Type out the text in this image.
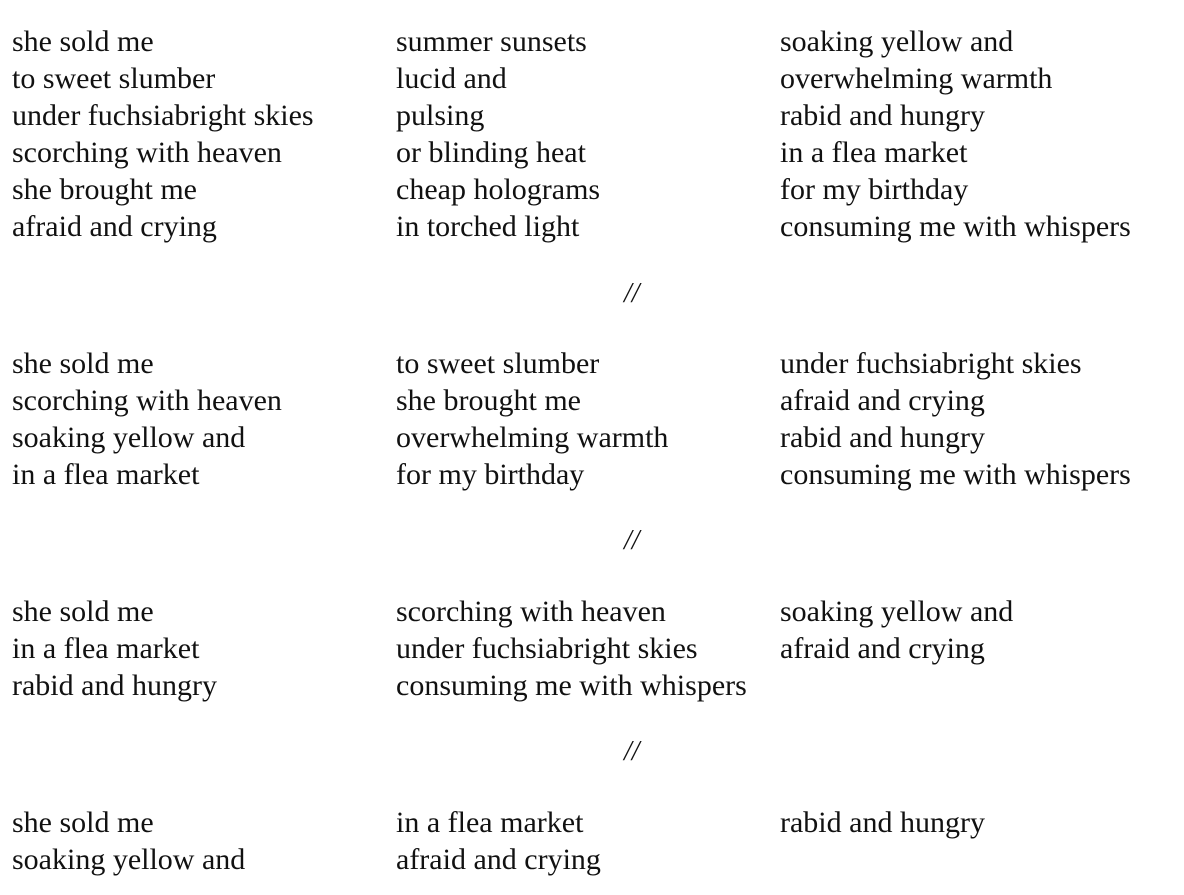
she sold me
to sweet slumber
under fuchsiabright skies
scorching with heaven
she brought me
afraid and crying
summer sunsets
lucid and
pulsing
or blinding heat
cheap holograms
in torched light
soaking yellow and
overwhelming warmth
rabid and hungry
in a flea market
for my birthday
consuming me with whispers
//
she sold me
scorching with heaven
soaking yellow and
in a flea market
to sweet slumber
she brought me
overwhelming warmth
for my birthday
under fuchsiabright skies
afraid and crying
rabid and hungry
consuming me with whispers
//
she sold me
in a flea market
rabid and hungry
scorching with heaven
under fuchsiabright skies
consuming me with whispers
soaking yellow and
afraid and crying
//
she sold me
soaking yellow and
in a flea market
afraid and crying
rabid and hungry
